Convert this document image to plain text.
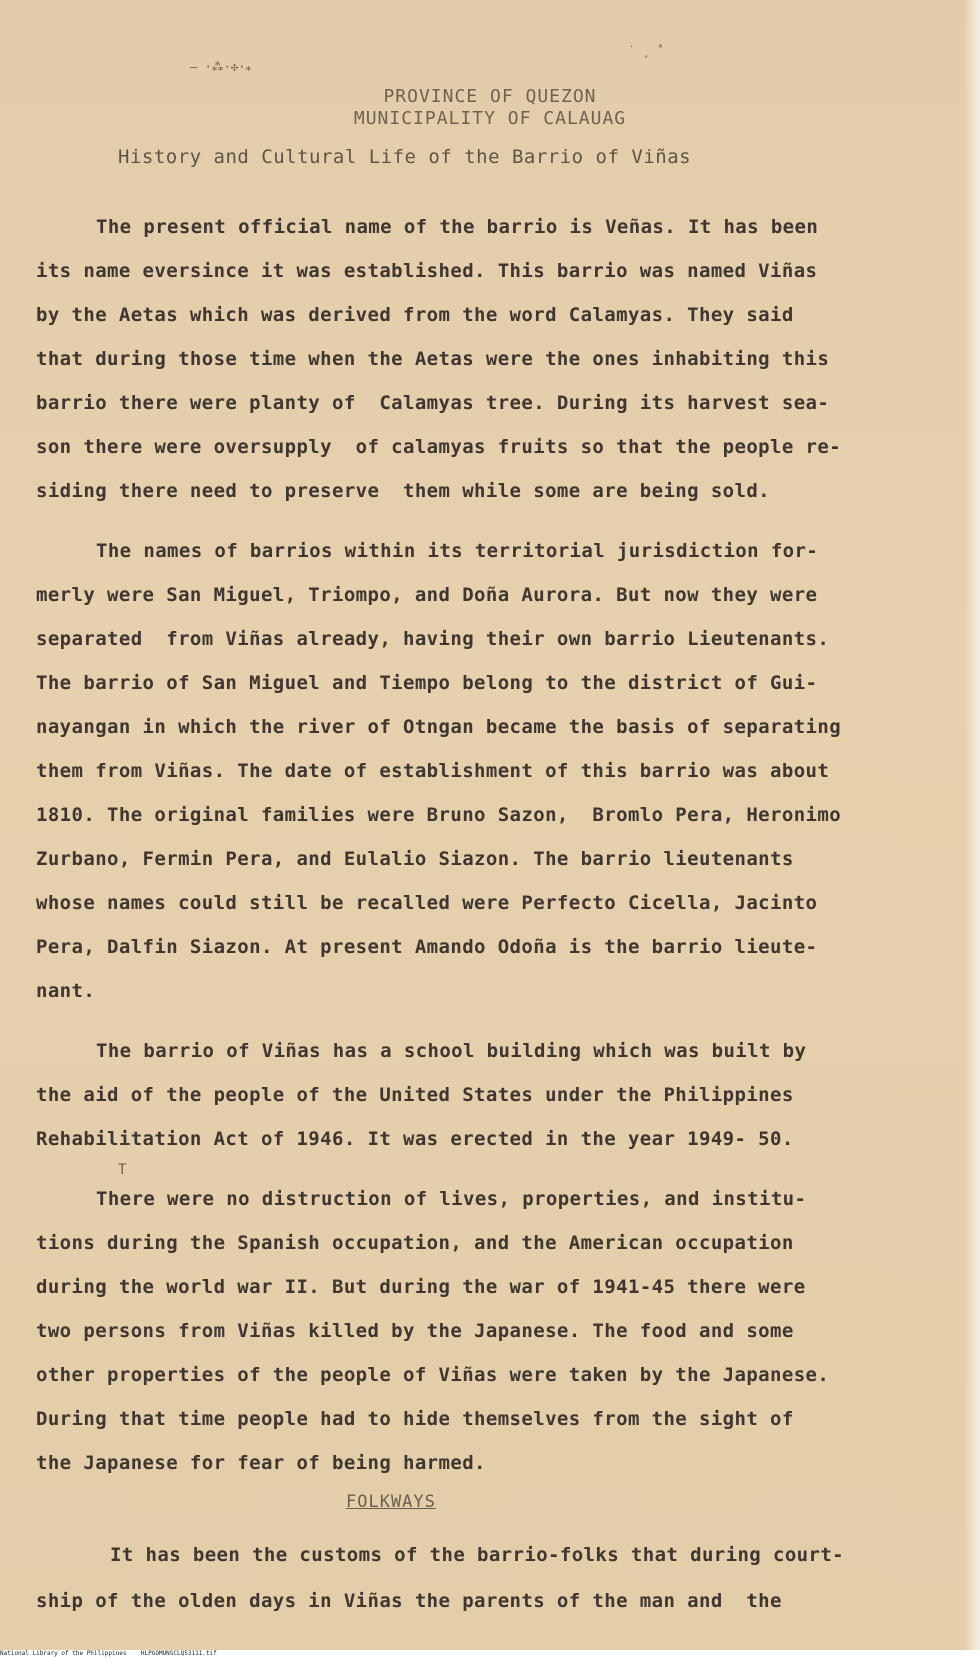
— ·⁂·✣·⁎
˙ ¸ ˚
PROVINCE OF QUEZON
MUNICIPALITY OF CALAUAG
History and Cultural Life of the Barrio of Viñas
The present official name of the barrio is Veñas. It has been
its name eversince it was established. This barrio was named Viñas
by the Aetas which was derived from the word Calamyas. They said
that during those time when the Aetas were the ones inhabiting this
barrio there were planty of  Calamyas tree. During its harvest sea-
son there were oversupply  of calamyas fruits so that the people re-
siding there need to preserve  them while some are being sold.
The names of barrios within its territorial jurisdiction for-
merly were San Miguel, Triompo, and Doña Aurora. But now they were
separated  from Viñas already, having their own barrio Lieutenants.
The barrio of San Miguel and Tiempo belong to the district of Gui-
nayangan in which the river of Otngan became the basis of separating
them from Viñas. The date of establishment of this barrio was about
1810. The original families were Bruno Sazon,  Bromlo Pera, Heronimo
Zurbano, Fermin Pera, and Eulalio Siazon. The barrio lieutenants
whose names could still be recalled were Perfecto Cicella, Jacinto
Pera, Dalfin Siazon. At present Amando Odoña is the barrio lieute-
nant.
The barrio of Viñas has a school building which was built by
the aid of the people of the United States under the Philippines
Rehabilitation Act of 1946. It was erected in the year 1949- 50.
T
There were no distruction of lives, properties, and institu-
tions during the Spanish occupation, and the American occupation
during the world war II. But during the war of 1941-45 there were
two persons from Viñas killed by the Japanese. The food and some
other properties of the people of Viñas were taken by the Japanese.
During that time people had to hide themselves from the sight of
the Japanese for fear of being harmed.
FOLKWAYS
It has been the customs of the barrio-folks that during court-
ship of the olden days in Viñas the parents of the man and  the
National Library of the Philippines HLPGOMUNSCLQ53111.tif
